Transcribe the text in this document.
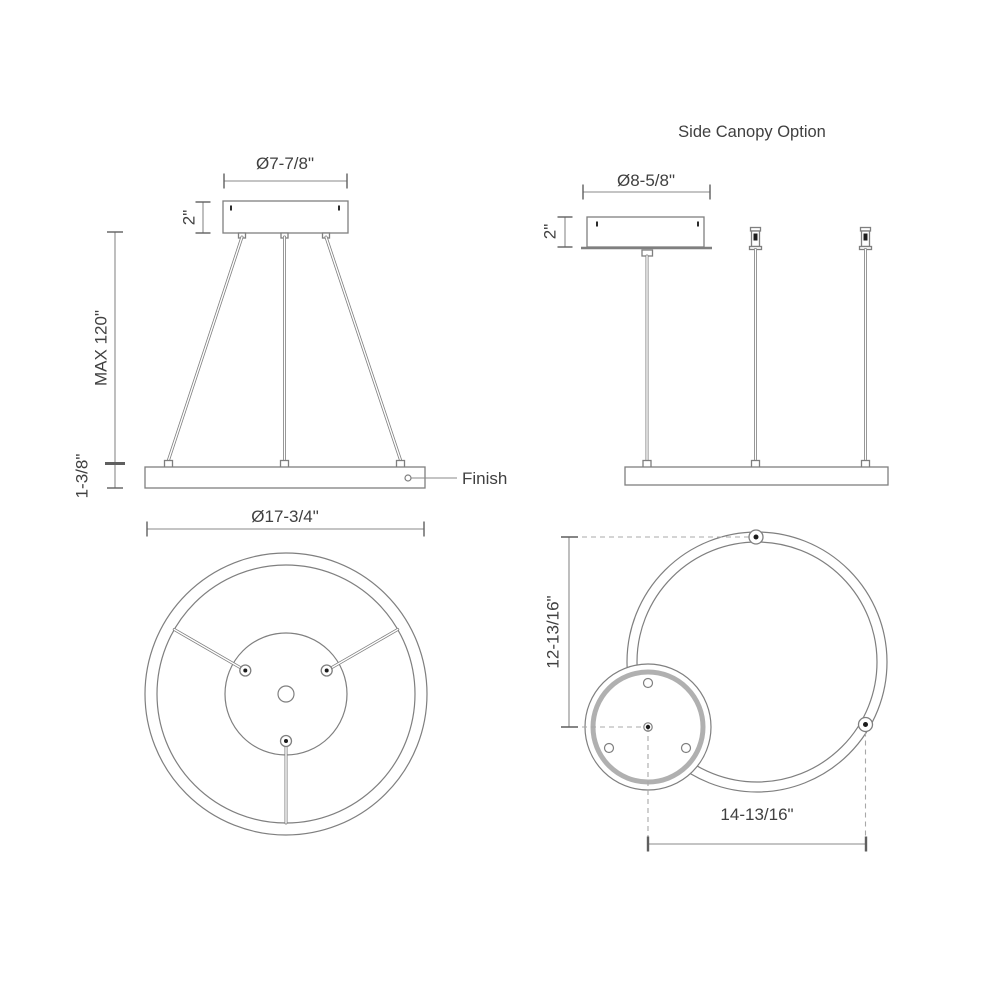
Ø7-7/8"
2"
Finish
MAX 120"
1-3/8"
Ø17-3/4"
Side Canopy Option
Ø8-5/8"
2"
12-13/16"
14-13/16"
